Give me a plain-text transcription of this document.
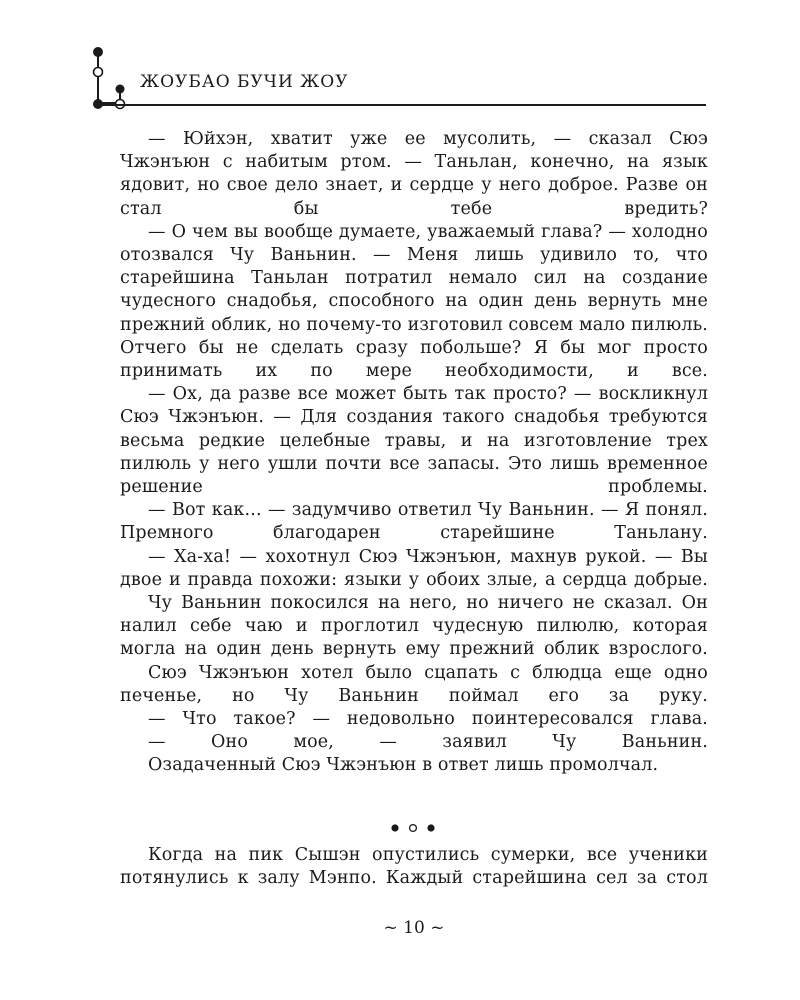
ЖОУБАО БУЧИ ЖОУ

— Юйхэн, хватит уже ее мусолить, — сказал Сюэ Чжэнъюн с набитым ртом. — Таньлан, конечно, на язык ядовит, но свое дело знает, и сердце у него доброе. Разве он стал бы тебе вредить?

— О чем вы вообще думаете, уважаемый глава? — холодно отозвался Чу Ваньнин. — Меня лишь удивило то, что старейшина Таньлан потратил немало сил на создание чудесного снадобья, способного на один день вернуть мне прежний облик, но почему-то изготовил совсем мало пилюль. Отчего бы не сделать сразу побольше? Я бы мог просто принимать их по мере необходимости, и все.

— Ох, да разве все может быть так просто? — воскликнул Сюэ Чжэнъюн. — Для создания такого снадобья требуются весьма редкие целебные травы, и на изготовление трех пилюль у него ушли почти все запасы. Это лишь временное решение проблемы.

— Вот как... — задумчиво ответил Чу Ваньнин. — Я понял. Премного благодарен старейшине Таньлану.

— Ха-ха! — хохотнул Сюэ Чжэнъюн, махнув рукой. — Вы двое и правда похожи: языки у обоих злые, а сердца добрые.

Чу Ваньнин покосился на него, но ничего не сказал. Он налил себе чаю и проглотил чудесную пилюлю, которая могла на один день вернуть ему прежний облик взрослого.

Сюэ Чжэнъюн хотел было сцапать с блюдца еще одно печенье, но Чу Ваньнин поймал его за руку.

— Что такое? — недовольно поинтересовался глава.

— Оно мое, — заявил Чу Ваньнин.

Озадаченный Сюэ Чжэнъюн в ответ лишь промолчал.

Когда на пик Сышэн опустились сумерки, все ученики потянулись к залу Мэнпо. Каждый старейшина сел за стол

~ 10 ~
